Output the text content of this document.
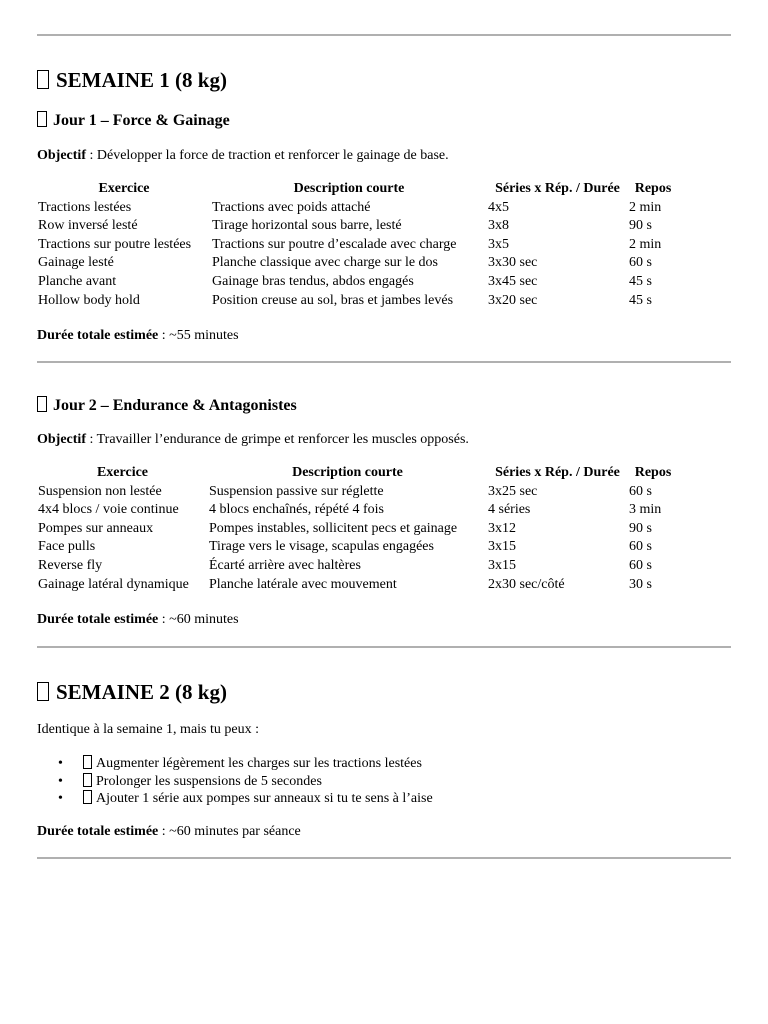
SEMAINE 1 (8 kg)
Jour 1 – Force & Gainage

Objectif : Développer la force de traction et renforcer le gainage de base.

Exercice	Description courte	Séries x Rép. / Durée	Repos
Tractions lestées	Tractions avec poids attaché	4x5	2 min
Row inversé lesté	Tirage horizontal sous barre, lesté	3x8	90 s
Tractions sur poutre lestées	Tractions sur poutre d’escalade avec charge	3x5	2 min
Gainage lesté	Planche classique avec charge sur le dos	3x30 sec	60 s
Planche avant	Gainage bras tendus, abdos engagés	3x45 sec	45 s
Hollow body hold	Position creuse au sol, bras et jambes levés	3x20 sec	45 s

Durée totale estimée : ~55 minutes

Jour 2 – Endurance & Antagonistes

Objectif : Travailler l’endurance de grimpe et renforcer les muscles opposés.

Exercice	Description courte	Séries x Rép. / Durée	Repos
Suspension non lestée	Suspension passive sur réglette	3x25 sec	60 s
4x4 blocs / voie continue	4 blocs enchaînés, répété 4 fois	4 séries	3 min
Pompes sur anneaux	Pompes instables, sollicitent pecs et gainage	3x12	90 s
Face pulls	Tirage vers le visage, scapulas engagées	3x15	60 s
Reverse fly	Écarté arrière avec haltères	3x15	60 s
Gainage latéral dynamique	Planche latérale avec mouvement	2x30 sec/côté	30 s

Durée totale estimée : ~60 minutes

SEMAINE 2 (8 kg)

Identique à la semaine 1, mais tu peux :

• Augmenter légèrement les charges sur les tractions lestées
• Prolonger les suspensions de 5 secondes
• Ajouter 1 série aux pompes sur anneaux si tu te sens à l’aise

Durée totale estimée : ~60 minutes par séance
